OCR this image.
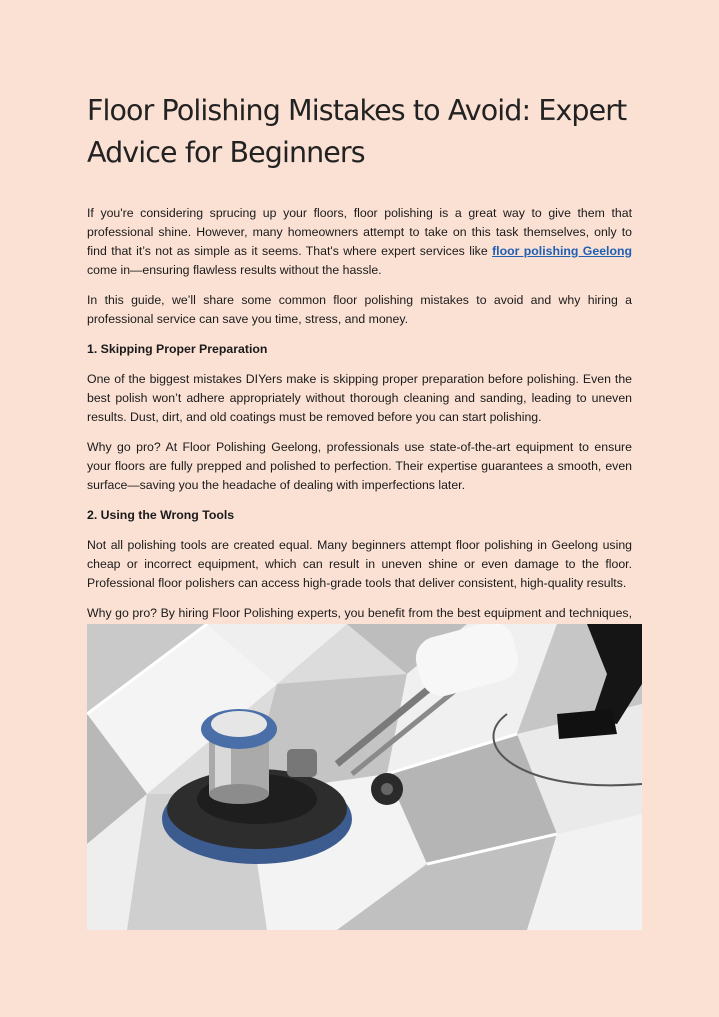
Floor Polishing Mistakes to Avoid: Expert Advice for Beginners

If you're considering sprucing up your floors, floor polishing is a great way to give them that professional shine. However, many homeowners attempt to take on this task themselves, only to find that it’s not as simple as it seems. That's where expert services like floor polishing Geelong come in—ensuring flawless results without the hassle.

In this guide, we’ll share some common floor polishing mistakes to avoid and why hiring a professional service can save you time, stress, and money.

1. Skipping Proper Preparation

One of the biggest mistakes DIYers make is skipping proper preparation before polishing. Even the best polish won’t adhere appropriately without thorough cleaning and sanding, leading to uneven results. Dust, dirt, and old coatings must be removed before you can start polishing.

Why go pro? At Floor Polishing Geelong, professionals use state-of-the-art equipment to ensure your floors are fully prepped and polished to perfection. Their expertise guarantees a smooth, even surface—saving you the headache of dealing with imperfections later.

2. Using the Wrong Tools

Not all polishing tools are created equal. Many beginners attempt floor polishing in Geelong using cheap or incorrect equipment, which can result in uneven shine or even damage to the floor. Professional floor polishers can access high-grade tools that deliver consistent, high-quality results.

Why go pro? By hiring Floor Polishing experts, you benefit from the best equipment and techniques,
